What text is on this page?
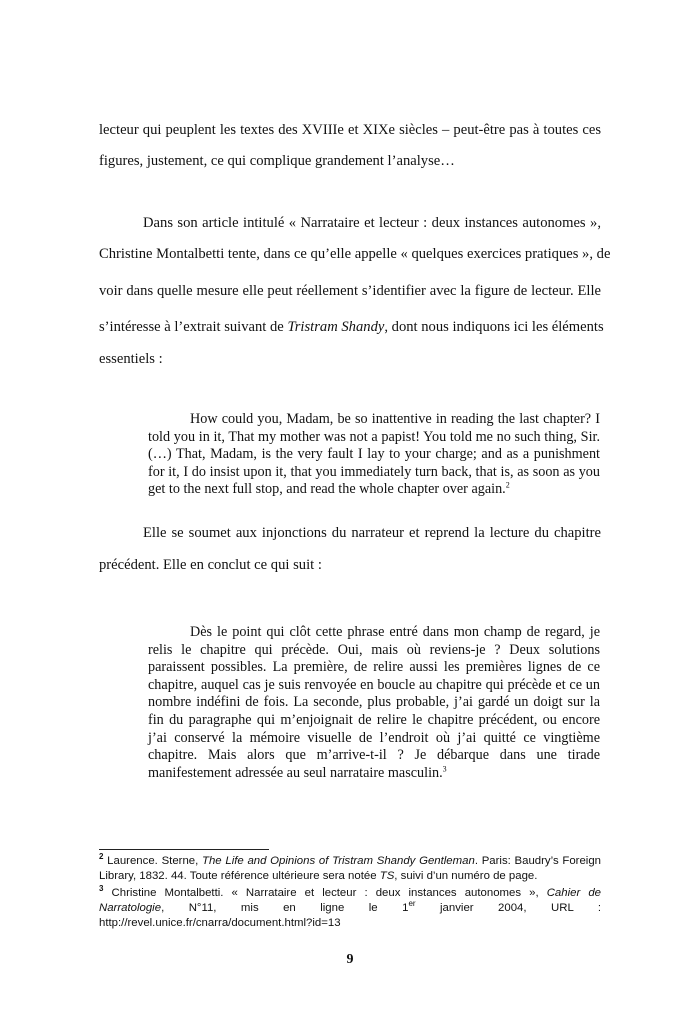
lecteur qui peuplent les textes des XVIIIe et XIXe siècles – peut-être pas à toutes ces
figures, justement, ce qui complique grandement l’analyse…
Dans son article intitulé « Narrataire et lecteur : deux instances autonomes »,
Christine Montalbetti tente, dans ce qu’elle appelle « quelques exercices pratiques », de
voir dans quelle mesure elle peut réellement s’identifier avec la figure de lecteur. Elle
s’intéresse à l’extrait suivant de Tristram Shandy, dont nous indiquons ici les éléments
essentiels :
How could you, Madam, be so inattentive in reading the last chapter? I told you in it, That my mother was not a papist! You told me no such thing, Sir. (…) That, Madam, is the very fault I lay to your charge; and as a punishment for it, I do insist upon it, that you immediately turn back, that is, as soon as you get to the next full stop, and read the whole chapter over again.$^2$
Elle se soumet aux injonctions du narrateur et reprend la lecture du chapitre
précédent. Elle en conclut ce qui suit :
Dès le point qui clôt cette phrase entré dans mon champ de regard, je relis le chapitre qui précède. Oui, mais où reviens-je ? Deux solutions paraissent possibles. La première, de relire aussi les premières lignes de ce chapitre, auquel cas je suis renvoyée en boucle au chapitre qui précède et ce un nombre indéfini de fois. La seconde, plus probable, j’ai gardé un doigt sur la fin du paragraphe qui m’enjoignait de relire le chapitre précédent, ou encore j’ai conservé la mémoire visuelle de l’endroit où j’ai quitté ce vingtième chapitre. Mais alors que m’arrive-t-il ? Je débarque dans une tirade manifestement adressée au seul narrataire masculin.$^3$
$^2$ Laurence. Sterne, The Life and Opinions of Tristram Shandy Gentleman. Paris: Baudry’s Foreign Library, 1832. 44. Toute référence ultérieure sera notée TS, suivi d’un numéro de page.
$^3$ Christine Montalbetti. « Narrataire et lecteur : deux instances autonomes », Cahier de Narratologie, N°11, mis en ligne le 1er janvier 2004, URL : http://revel.unice.fr/cnarra/document.html?id=13
9
